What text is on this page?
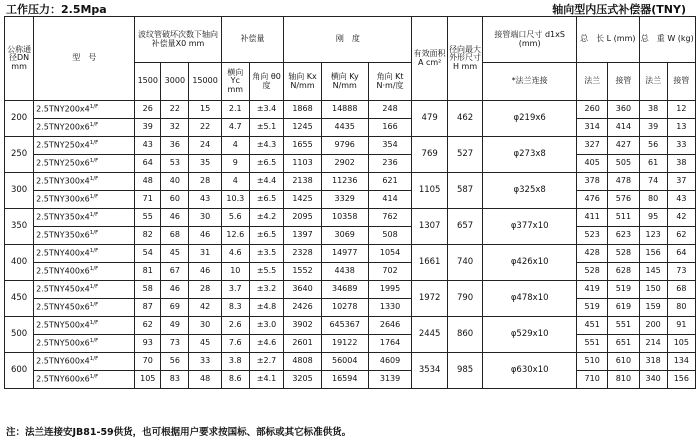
工作压力：2.5Mpa	轴向型内压式补偿器(TNY)
公称通径DN mm	型　号	波纹管破坏次数下轴向补偿量X0 mm			补偿量		刚　度			有效面积 A cm²	径向最大外形尺寸 H mm	接管端口尺寸 d1xS (mm)	总　长 L (mm)		总　重 W (kg)	
		1500	3000	15000	横向 Yc mm	角向 θ0 度	轴向 Kx N/mm	横向 Ky N/mm	角向 Kt N·m/度			*法兰连接	法兰	接管	法兰	接管
200	$2.5TNY200x4^{1/F}$	26	22	15	2.1	±3.4	1868	14888	248	479	462	φ219x6	260	360	38	12
	$2.5TNY200x6^{1/F}$	39	32	22	4.7	±5.1	1245	4435	166				314	414	39	13
250	$2.5TNY250x4^{1/F}$	43	36	24	4	±4.3	1655	9796	354	769	527	φ273x8	327	427	56	33
	$2.5TNY250x6^{1/F}$	64	53	35	9	±6.5	1103	2902	236				405	505	61	38
300	$2.5TNY300x4^{1/F}$	48	40	28	4	±4.4	2138	11236	621	1105	587	φ325x8	378	478	74	37
	$2.5TNY300x6^{1/F}$	71	60	43	10.3	±6.5	1425	3329	414				476	576	80	43
350	$2.5TNY350x4^{1/F}$	55	46	30	5.6	±4.2	2095	10358	762	1307	657	φ377x10	411	511	95	42
	$2.5TNY350x6^{1/F}$	82	68	46	12.6	±6.5	1397	3069	508				523	623	123	62
400	$2.5TNY400x4^{1/F}$	54	45	31	4.6	±3.5	2328	14977	1054	1661	740	φ426x10	428	528	156	64
	$2.5TNY400x6^{1/F}$	81	67	46	10	±5.5	1552	4438	702				528	628	145	73
450	$2.5TNY450x4^{1/F}$	58	46	28	3.7	±3.2	3640	34689	1995	1972	790	φ478x10	419	519	150	68
	$2.5TNY450x6^{1/F}$	87	69	42	8.3	±4.8	2426	10278	1330				519	619	159	80
500	$2.5TNY500x4^{1/F}$	62	49	30	2.6	±3.0	3902	645367	2646	2445	860	φ529x10	451	551	200	91
	$2.5TNY500x6^{1/F}$	93	73	45	7.6	±4.6	2601	19122	1764				551	651	214	105
600	$2.5TNY600x4^{1/F}$	70	56	33	3.8	±2.7	4808	56004	4609	3534	985	φ630x10	510	610	318	134
	$2.5TNY600x6^{1/F}$	105	83	48	8.6	±4.1	3205	16594	3139				710	810	340	156
注：法兰连接安JB81-59供货，也可根据用户要求按国标、部标或其它标准供货。
